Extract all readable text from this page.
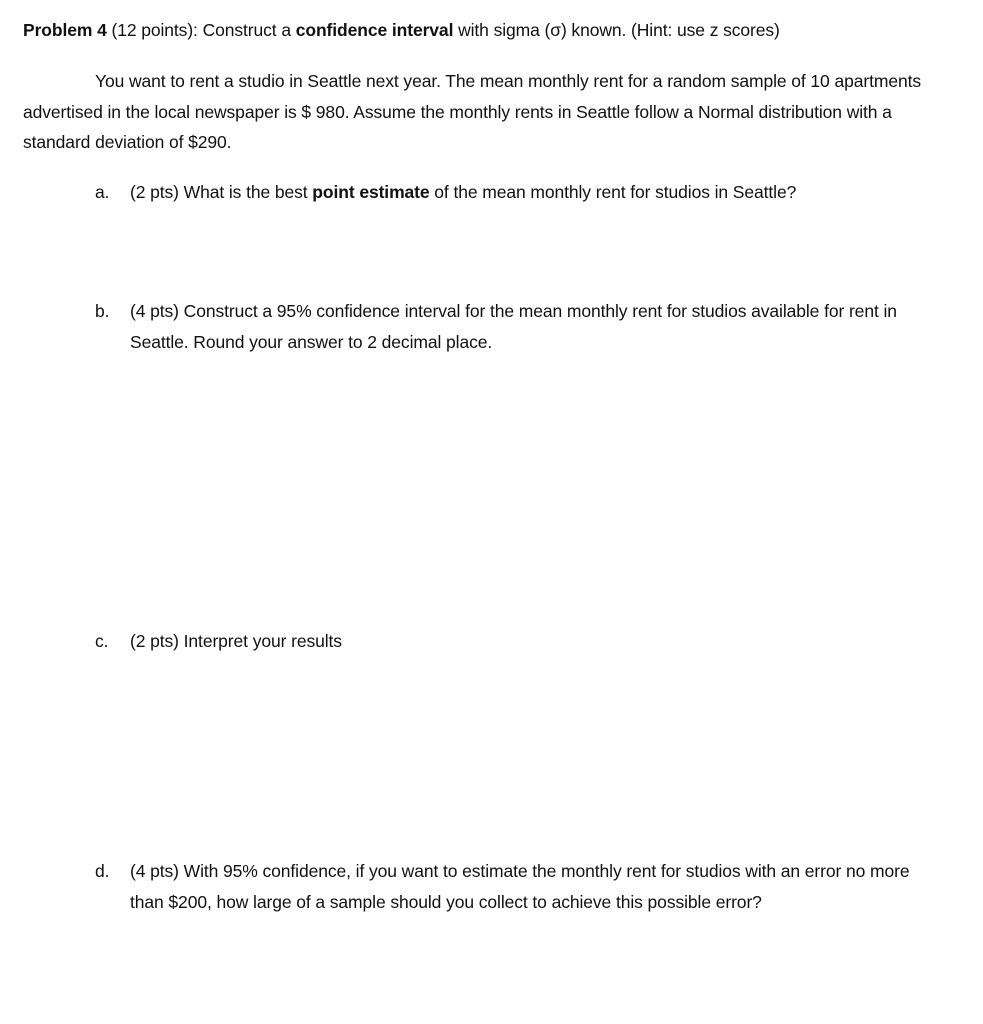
Problem 4 (12 points): Construct a confidence interval with sigma (σ) known. (Hint: use z scores)
You want to rent a studio in Seattle next year. The mean monthly rent for a random sample of 10 apartments advertised in the local newspaper is $ 980. Assume the monthly rents in Seattle follow a Normal distribution with a standard deviation of $290.
a.	(2 pts) What is the best point estimate of the mean monthly rent for studios in Seattle?
b.	(4 pts) Construct a 95% confidence interval for the mean monthly rent for studios available for rent in Seattle. Round your answer to 2 decimal place.
c.	(2 pts) Interpret your results
d.	(4 pts) With 95% confidence, if you want to estimate the monthly rent for studios with an error no more than $200, how large of a sample should you collect to achieve this possible error?
